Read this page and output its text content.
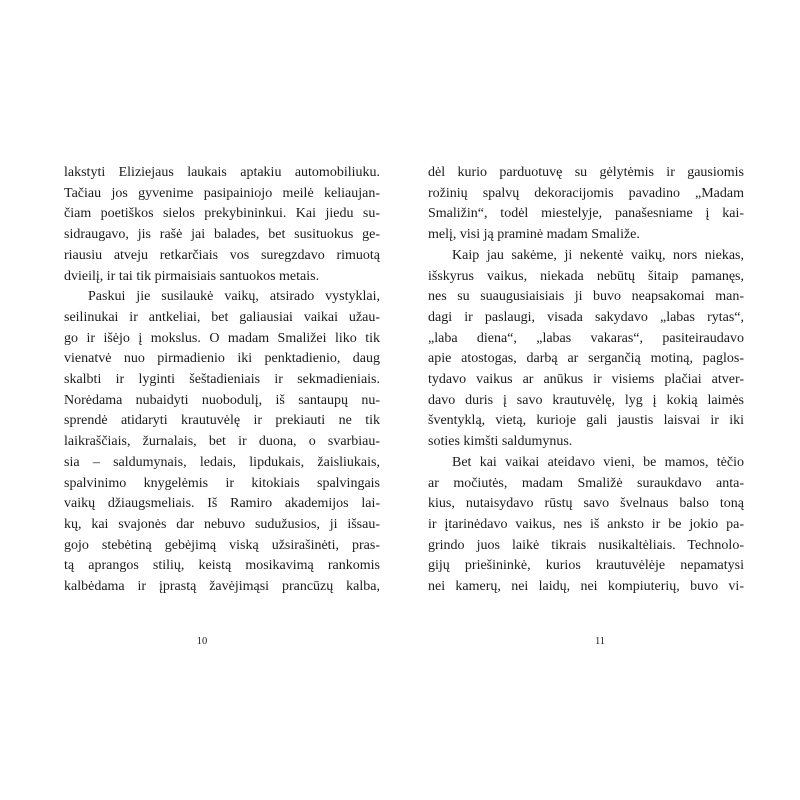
lakstyti Eliziejaus laukais aptakiu automobiliuku.
Tačiau jos gyvenime pasipainiojo meilė keliaujan-
čiam poetiškos sielos prekybininkui. Kai jiedu su-
sidraugavo, jis rašė jai balades, bet susituokus ge-
riausiu atveju retkarčiais vos suregzdavo rimuotą
dvieilį, ir tai tik pirmaisiais santuokos metais.
Paskui jie susilaukė vaikų, atsirado vystyklai,
seilinukai ir antkeliai, bet galiausiai vaikai užau-
go ir išėjo į mokslus. O madam Smaližei liko tik
vienatvė nuo pirmadienio iki penktadienio, daug
skalbti ir lyginti šeštadieniais ir sekmadieniais.
Norėdama nubaidyti nuobodulį, iš santaupų nu-
sprendė atidaryti krautuvėlę ir prekiauti ne tik
laikraščiais, žurnalais, bet ir duona, o svarbiau-
sia – saldumynais, ledais, lipdukais, žaisliukais,
spalvinimo knygelėmis ir kitokiais spalvingais
vaikų džiaugsmeliais. Iš Ramiro akademijos lai-
kų, kai svajonės dar nebuvo sudužusios, ji išsau-
gojo stebėtiną gebėjimą viską užsirašinėti, pras-
tą aprangos stilių, keistą mosikavimą rankomis
kalbėdama ir įprastą žavėjimąsi prancūzų kalba,
10
dėl kurio parduotuvę su gėlytėmis ir gausiomis
rožinių spalvų dekoracijomis pavadino „Madam
Smaližin“, todėl miestelyje, panašesniame į kai-
melį, visi ją praminė madam Smaliže.
Kaip jau sakėme, ji nekentė vaikų, nors niekas,
išskyrus vaikus, niekada nebūtų šitaip pamanęs,
nes su suaugusiaisiais ji buvo neapsakomai man-
dagi ir paslaugi, visada sakydavo „labas rytas“,
„laba diena“, „labas vakaras“, pasiteiraudavo
apie atostogas, darbą ar sergančią motiną, paglos-
tydavo vaikus ar anūkus ir visiems plačiai atver-
davo duris į savo krautuvėlę, lyg į kokią laimės
šventyklą, vietą, kurioje gali jaustis laisvai ir iki
soties kimšti saldumynus.
Bet kai vaikai ateidavo vieni, be mamos, tėčio
ar močiutės, madam Smaližė suraukdavo anta-
kius, nutaisydavo rūstų savo švelnaus balso toną
ir įtarinėdavo vaikus, nes iš anksto ir be jokio pa-
grindo juos laikė tikrais nusikaltėliais. Technolo-
gijų priešininkė, kurios krautuvėlėje nepamatysi
nei kamerų, nei laidų, nei kompiuterių, buvo vi-
11
